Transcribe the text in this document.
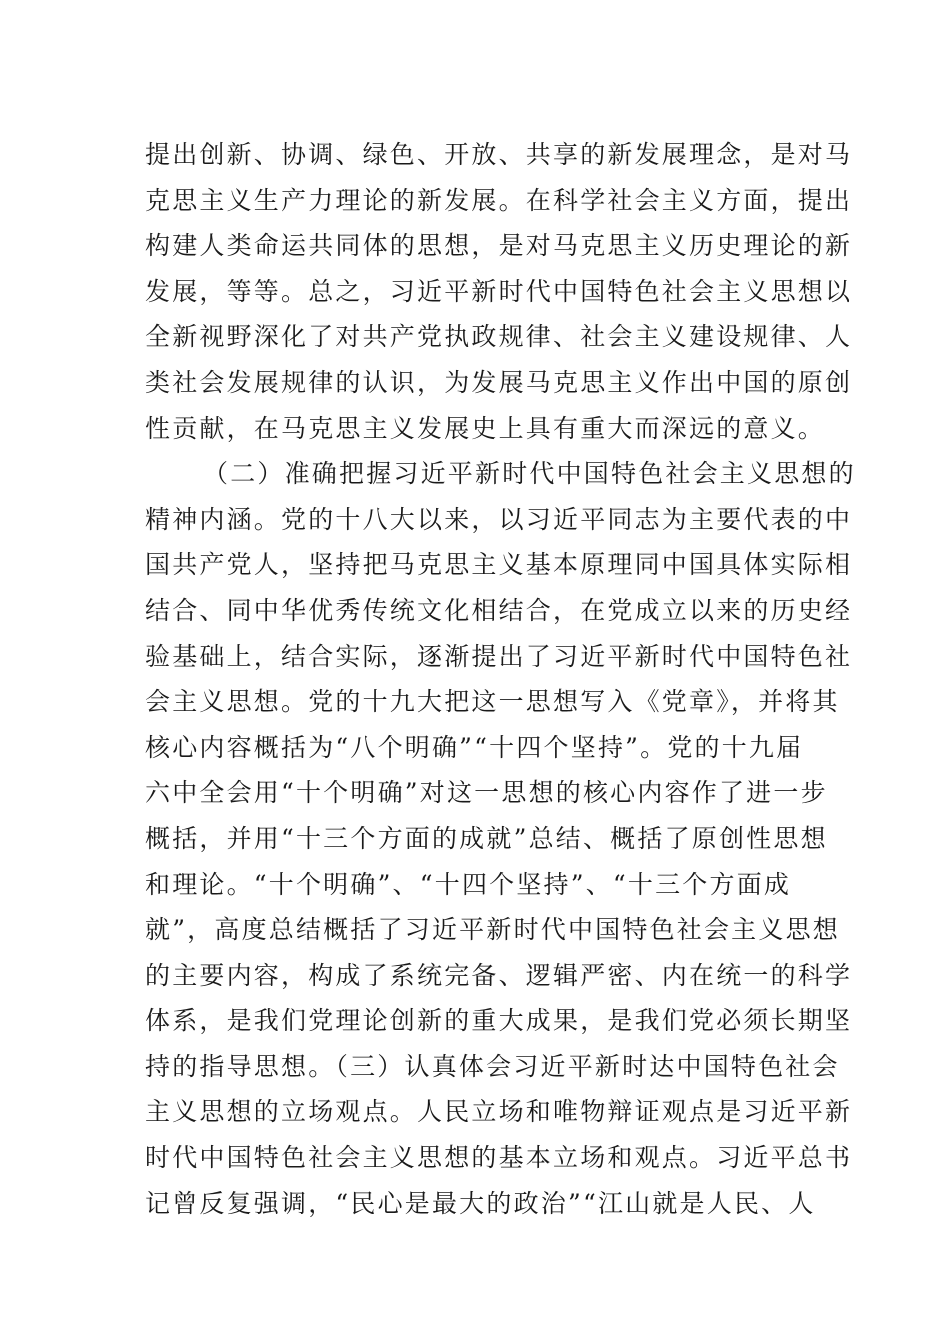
提出创新、协调、绿色、开放、共享的新发展理念，是对马
克思主义生产力理论的新发展。在科学社会主义方面，提出
构建人类命运共同体的思想，是对马克思主义历史理论的新
发展，等等。总之，习近平新时代中国特色社会主义思想以
全新视野深化了对共产党执政规律、社会主义建设规律、人
类社会发展规律的认识，为发展马克思主义作出中国的原创
性贡献，在马克思主义发展史上具有重大而深远的意义。
（二）准确把握习近平新时代中国特色社会主义思想的
精神内涵。党的十八大以来，以习近平同志为主要代表的中
国共产党人，坚持把马克思主义基本原理同中国具体实际相
结合、同中华优秀传统文化相结合，在党成立以来的历史经
验基础上，结合实际，逐渐提出了习近平新时代中国特色社
会主义思想。党的十九大把这一思想写入《党章》，并将其
核心内容概括为“八个明确”“十四个坚持”。党的十九届
六中全会用“十个明确”对这一思想的核心内容作了进一步
概括，并用“十三个方面的成就”总结、概括了原创性思想
和理论。“十个明确”、“十四个坚持”、“十三个方面成
就”，高度总结概括了习近平新时代中国特色社会主义思想
的主要内容，构成了系统完备、逻辑严密、内在统一的科学
体系，是我们党理论创新的重大成果，是我们党必须长期坚
持的指导思想。（三）认真体会习近平新时达中国特色社会
主义思想的立场观点。人民立场和唯物辩证观点是习近平新
时代中国特色社会主义思想的基本立场和观点。习近平总书
记曾反复强调，“民心是最大的政治”“江山就是人民、人
